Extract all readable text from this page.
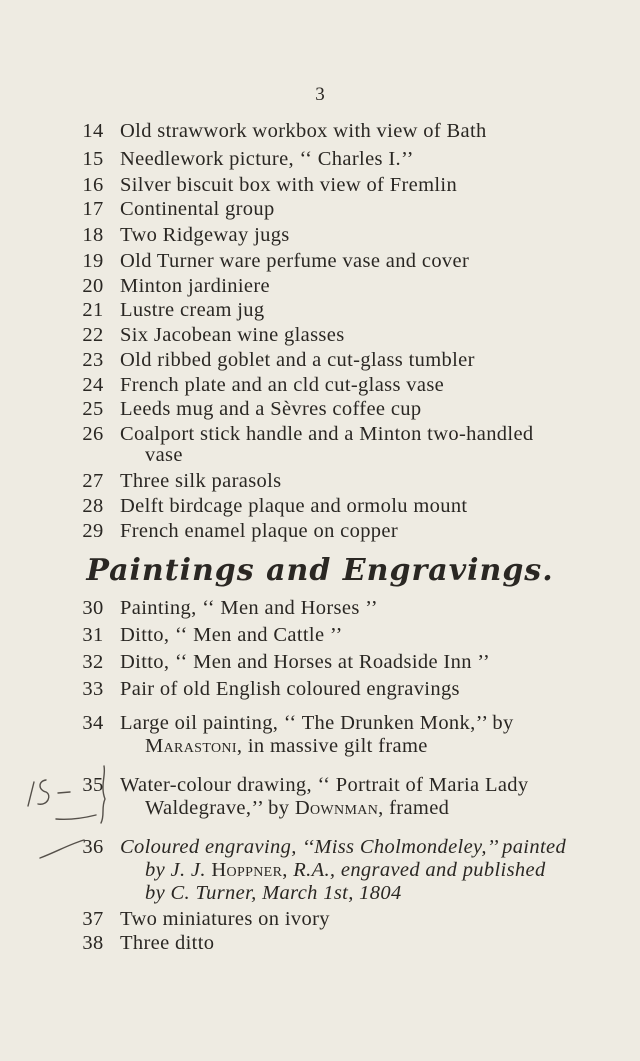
3
14 Old strawwork workbox with view of Bath
15 Needlework picture, ‘‘ Charles I.’’
16 Silver biscuit box with view of Fremlin
17 Continental group
18 Two Ridgeway jugs
19 Old Turner ware perfume vase and cover
20 Minton jardiniere
21 Lustre cream jug
22 Six Jacobean wine glasses
23 Old ribbed goblet and a cut-glass tumbler
24 French plate and an cld cut-glass vase
25 Leeds mug and a Sèvres coffee cup
26 Coalport stick handle and a Minton two-handled
vase
27 Three silk parasols
28 Delft birdcage plaque and ormolu mount
29 French enamel plaque on copper
Paintings and Engravings.
30 Painting, ‘‘ Men and Horses ’’
31 Ditto, ‘‘ Men and Cattle ’’
32 Ditto, ‘‘ Men and Horses at Roadside Inn ’’
33 Pair of old English coloured engravings
34 Large oil painting, ‘‘ The Drunken Monk,’’ by
Marastoni, in massive gilt frame
35 Water-colour drawing, ‘‘ Portrait of Maria Lady
Waldegrave,’’ by Downman, framed
36 Coloured engraving, ‘‘Miss Cholmondeley,’’ painted
by J. J. Hoppner, R.A., engraved and published
by C. Turner, March 1st, 1804
37 Two miniatures on ivory
38 Three ditto
